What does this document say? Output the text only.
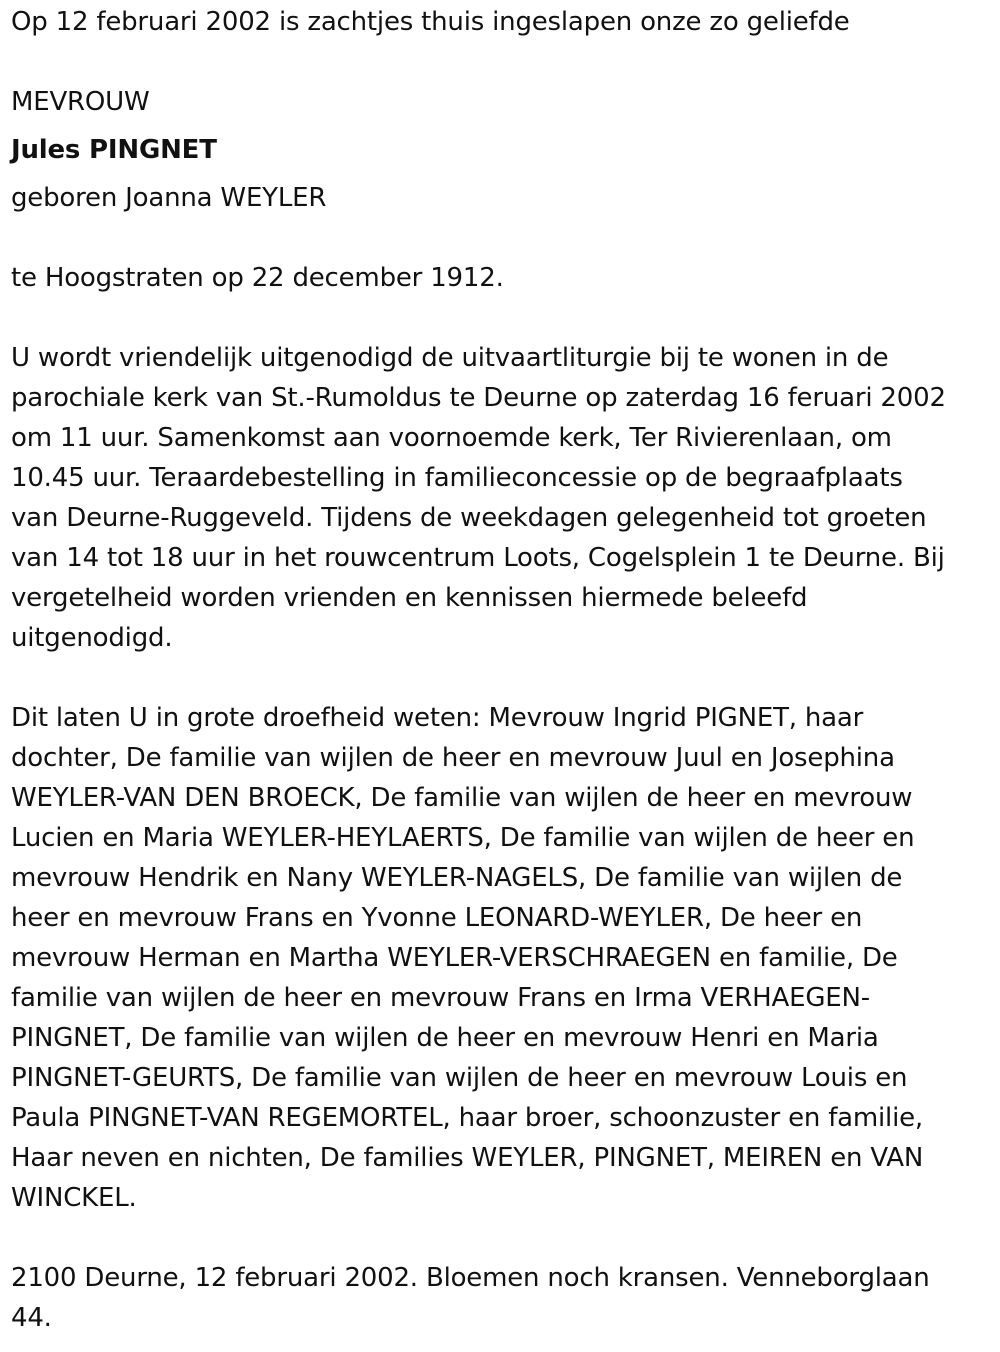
Op 12 februari 2002 is zachtjes thuis ingeslapen onze zo geliefde
MEVROUW
Jules PINGNET
geboren Joanna WEYLER
te Hoogstraten op 22 december 1912.
U wordt vriendelijk uitgenodigd de uitvaartliturgie bij te wonen in de
parochiale kerk van St.-Rumoldus te Deurne op zaterdag 16 feruari 2002
om 11 uur. Samenkomst aan voornoemde kerk, Ter Rivierenlaan, om
10.45 uur. Teraardebestelling in familieconcessie op de begraafplaats
van Deurne-Ruggeveld. Tijdens de weekdagen gelegenheid tot groeten
van 14 tot 18 uur in het rouwcentrum Loots, Cogelsplein 1 te Deurne. Bij
vergetelheid worden vrienden en kennissen hiermede beleefd
uitgenodigd.
Dit laten U in grote droefheid weten: Mevrouw Ingrid PIGNET, haar
dochter, De familie van wijlen de heer en mevrouw Juul en Josephina
WEYLER-VAN DEN BROECK, De familie van wijlen de heer en mevrouw
Lucien en Maria WEYLER-HEYLAERTS, De familie van wijlen de heer en
mevrouw Hendrik en Nany WEYLER-NAGELS, De familie van wijlen de
heer en mevrouw Frans en Yvonne LEONARD-WEYLER, De heer en
mevrouw Herman en Martha WEYLER-VERSCHRAEGEN en familie, De
familie van wijlen de heer en mevrouw Frans en Irma VERHAEGEN-
PINGNET, De familie van wijlen de heer en mevrouw Henri en Maria
PINGNET-GEURTS, De familie van wijlen de heer en mevrouw Louis en
Paula PINGNET-VAN REGEMORTEL, haar broer, schoonzuster en familie,
Haar neven en nichten, De families WEYLER, PINGNET, MEIREN en VAN
WINCKEL.
2100 Deurne, 12 februari 2002. Bloemen noch kransen. Venneborglaan
44.
